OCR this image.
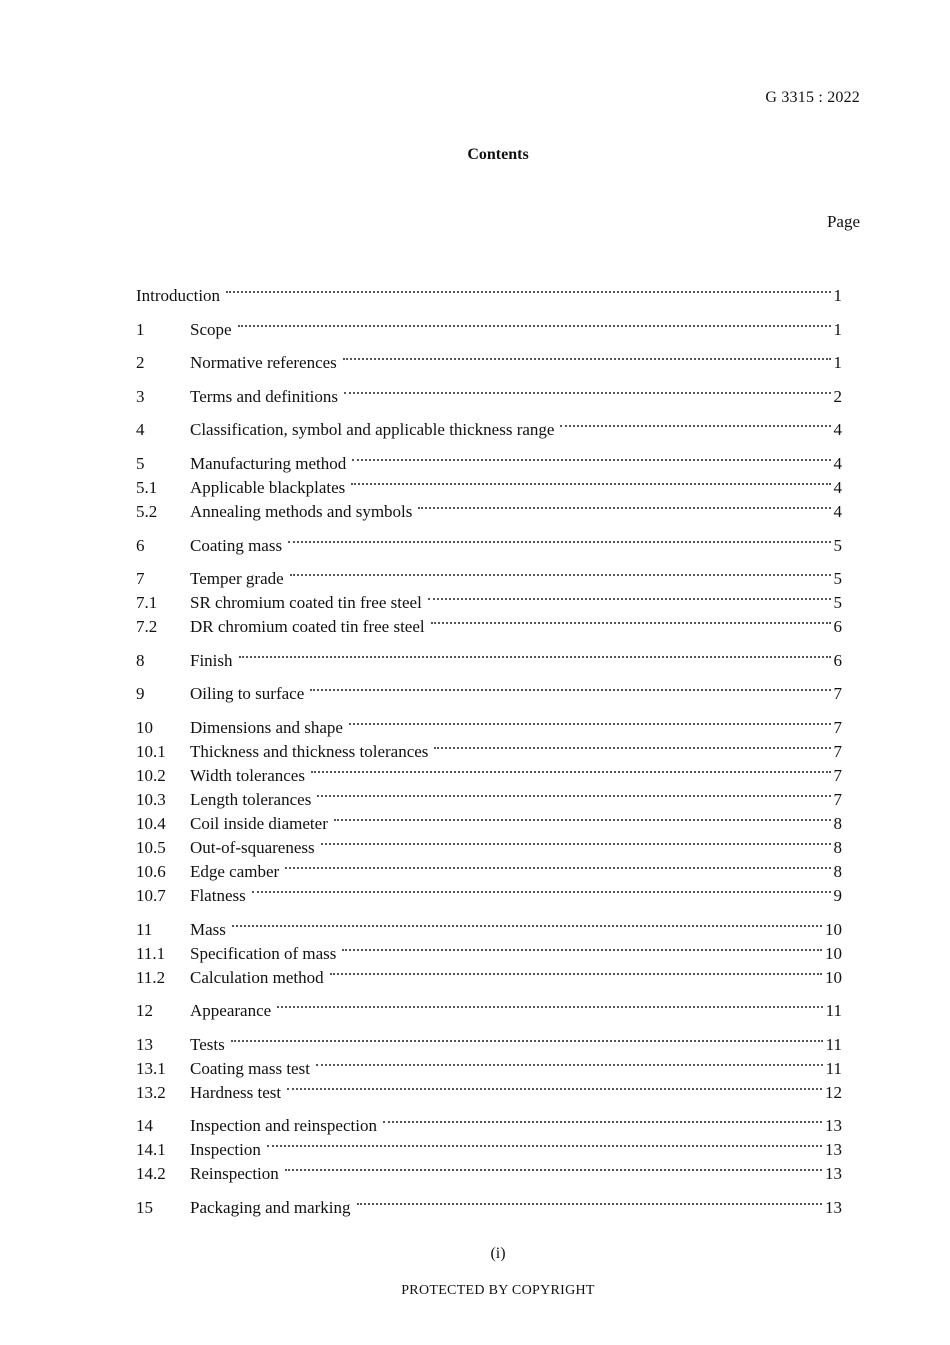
G 3315 : 2022
Contents
Page
Introduction	1
1	Scope	1
2	Normative references	1
3	Terms and definitions	2
4	Classification, symbol and applicable thickness range	4
5	Manufacturing method	4
5.1	Applicable blackplates	4
5.2	Annealing methods and symbols	4
6	Coating mass	5
7	Temper grade	5
7.1	SR chromium coated tin free steel	5
7.2	DR chromium coated tin free steel	6
8	Finish	6
9	Oiling to surface	7
10	Dimensions and shape	7
10.1	Thickness and thickness tolerances	7
10.2	Width tolerances	7
10.3	Length tolerances	7
10.4	Coil inside diameter	8
10.5	Out-of-squareness	8
10.6	Edge camber	8
10.7	Flatness	9
11	Mass	10
11.1	Specification of mass	10
11.2	Calculation method	10
12	Appearance	11
13	Tests	11
13.1	Coating mass test	11
13.2	Hardness test	12
14	Inspection and reinspection	13
14.1	Inspection	13
14.2	Reinspection	13
15	Packaging and marking	13
(i)
PROTECTED BY COPYRIGHT
